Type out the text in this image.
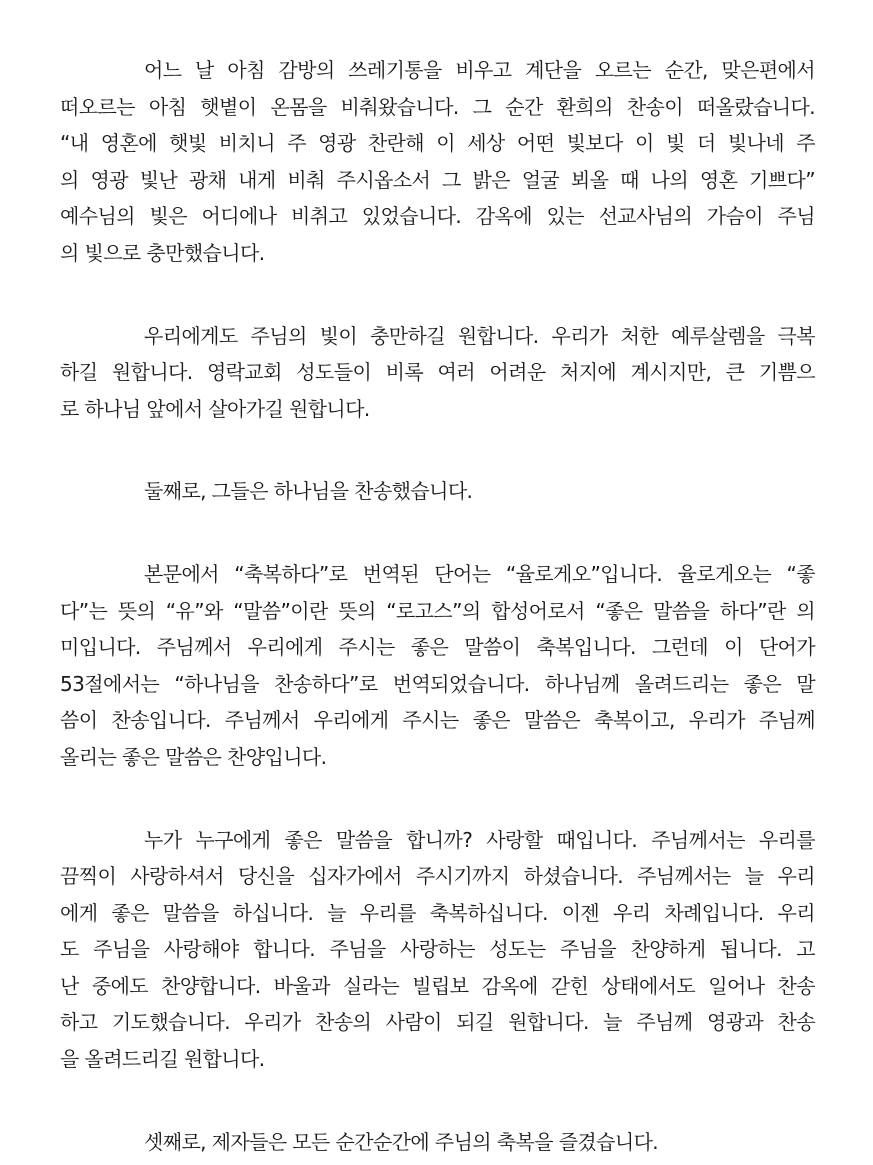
어느 날 아침 감방의 쓰레기통을 비우고 계단을 오르는 순간, 맞은편에서
떠오르는 아침 햇볕이 온몸을 비춰왔습니다. 그 순간 환희의 찬송이 떠올랐습니다.
“내 영혼에 햇빛 비치니 주 영광 찬란해 이 세상 어떤 빛보다 이 빛 더 빛나네 주
의 영광 빛난 광채 내게 비춰 주시옵소서 그 밝은 얼굴 뵈올 때 나의 영혼 기쁘다”
예수님의 빛은 어디에나 비취고 있었습니다. 감옥에 있는 선교사님의 가슴이 주님
의 빛으로 충만했습니다.

우리에게도 주님의 빛이 충만하길 원합니다. 우리가 처한 예루살렘을 극복
하길 원합니다. 영락교회 성도들이 비록 여러 어려운 처지에 계시지만, 큰 기쁨으
로 하나님 앞에서 살아가길 원합니다.

둘째로, 그들은 하나님을 찬송했습니다.

본문에서 “축복하다”로 번역된 단어는 “율로게오”입니다. 율로게오는 “좋
다”는 뜻의 “유”와 “말씀”이란 뜻의 “로고스”의 합성어로서 “좋은 말씀을 하다”란 의
미입니다. 주님께서 우리에게 주시는 좋은 말씀이 축복입니다. 그런데 이 단어가
53절에서는 “하나님을 찬송하다”로 번역되었습니다. 하나님께 올려드리는 좋은 말
씀이 찬송입니다. 주님께서 우리에게 주시는 좋은 말씀은 축복이고, 우리가 주님께
올리는 좋은 말씀은 찬양입니다.

누가 누구에게 좋은 말씀을 합니까? 사랑할 때입니다. 주님께서는 우리를
끔찍이 사랑하셔서 당신을 십자가에서 주시기까지 하셨습니다. 주님께서는 늘 우리
에게 좋은 말씀을 하십니다. 늘 우리를 축복하십니다. 이젠 우리 차례입니다. 우리
도 주님을 사랑해야 합니다. 주님을 사랑하는 성도는 주님을 찬양하게 됩니다. 고
난 중에도 찬양합니다. 바울과 실라는 빌립보 감옥에 갇힌 상태에서도 일어나 찬송
하고 기도했습니다. 우리가 찬송의 사람이 되길 원합니다. 늘 주님께 영광과 찬송
을 올려드리길 원합니다.

셋째로, 제자들은 모든 순간순간에 주님의 축복을 즐겼습니다.
